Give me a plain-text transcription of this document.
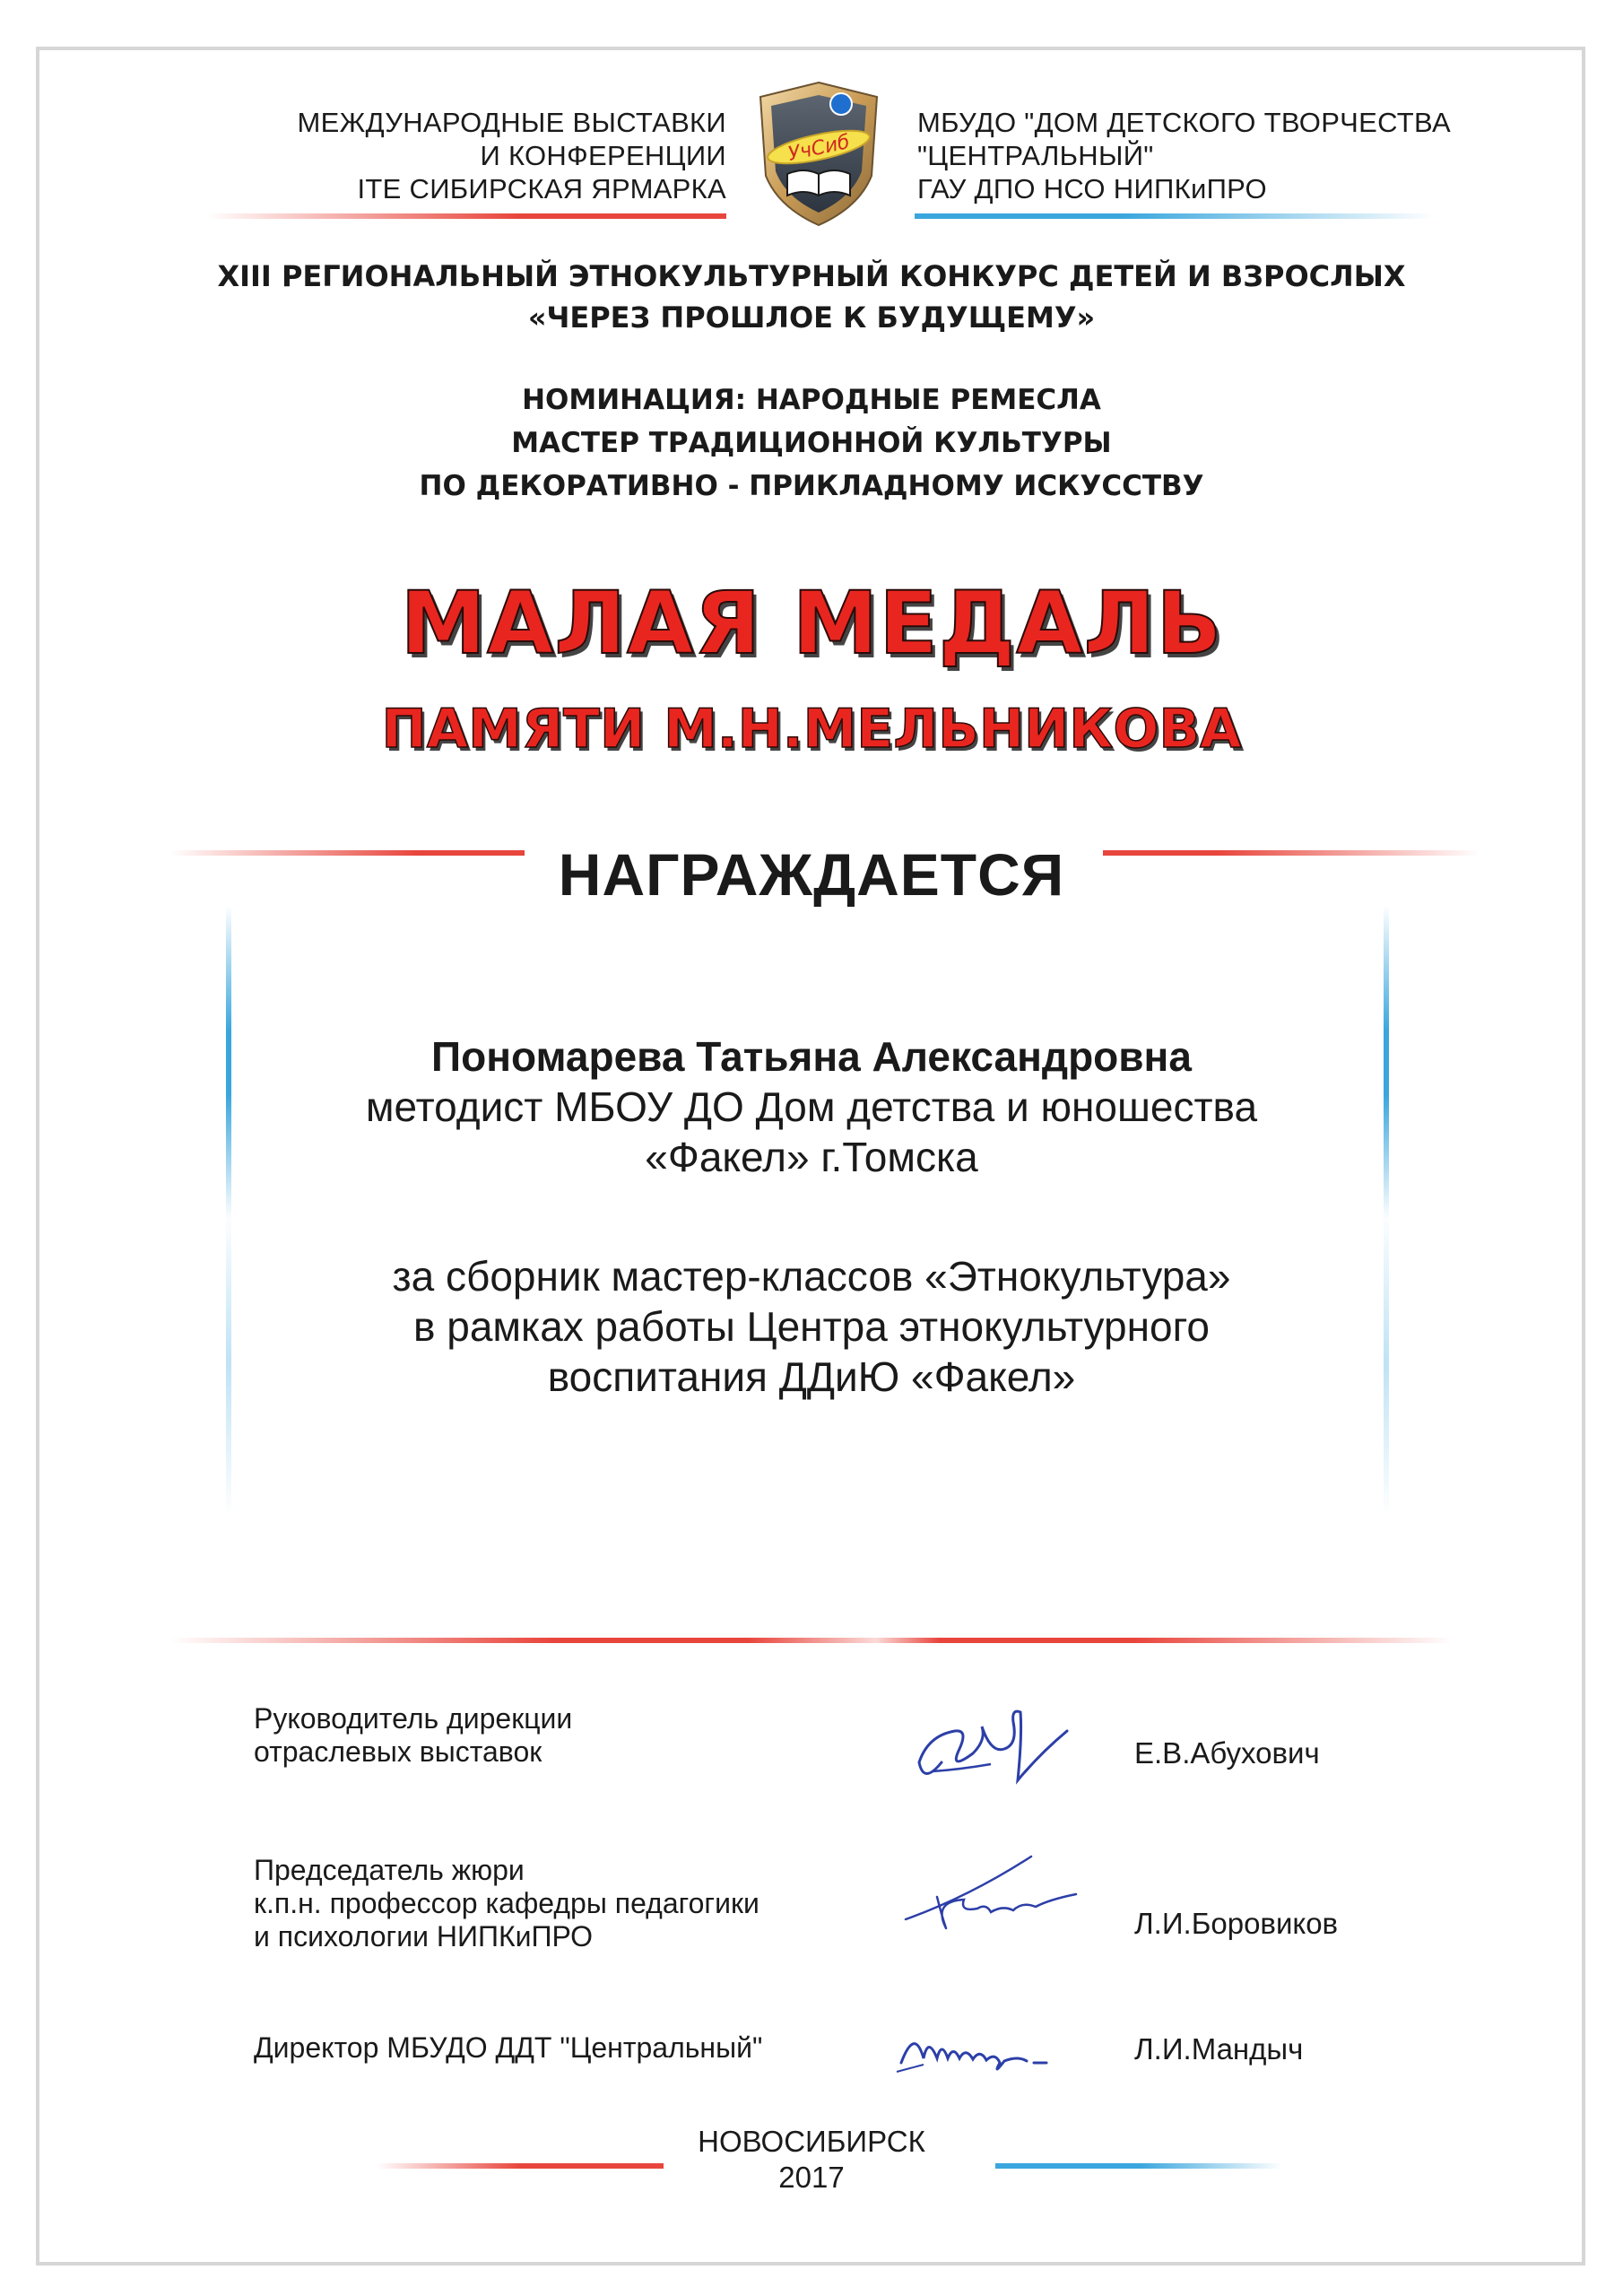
МЕЖДУНАРОДНЫЕ ВЫСТАВКИ
И КОНФЕРЕНЦИИ
ITE СИБИРСКАЯ ЯРМАРКА
УчСиб
МБУДО "ДОМ ДЕТСКОГО ТВОРЧЕСТВА
"ЦЕНТРАЛЬНЫЙ"
ГАУ ДПО НСО НИПКиПРО
XIII РЕГИОНАЛЬНЫЙ ЭТНОКУЛЬТУРНЫЙ КОНКУРС ДЕТЕЙ И ВЗРОСЛЫХ
«ЧЕРЕЗ ПРОШЛОЕ К БУДУЩЕМУ»
НОМИНАЦИЯ: НАРОДНЫЕ РЕМЕСЛА
МАСТЕР ТРАДИЦИОННОЙ КУЛЬТУРЫ
ПО ДЕКОРАТИВНО - ПРИКЛАДНОМУ ИСКУССТВУ
МАЛАЯ МЕДАЛЬ
ПАМЯТИ М.Н.МЕЛЬНИКОВА
НАГРАЖДАЕТСЯ
Пономарева Татьяна Александровна
методист МБОУ ДО Дом детства и юношества
«Факел» г.Томска
за сборник мастер-классов «Этнокультура»
в рамках работы Центра этнокультурного
воспитания ДДиЮ «Факел»
Руководитель дирекции
отраслевых выставок	Е.В.Абухович
Председатель жюри
к.п.н. профессор кафедры педагогики
и психологии НИПКиПРО	Л.И.Боровиков
Директор МБУДО ДДТ "Центральный"	Л.И.Мандыч
НОВОСИБИРСК
2017
